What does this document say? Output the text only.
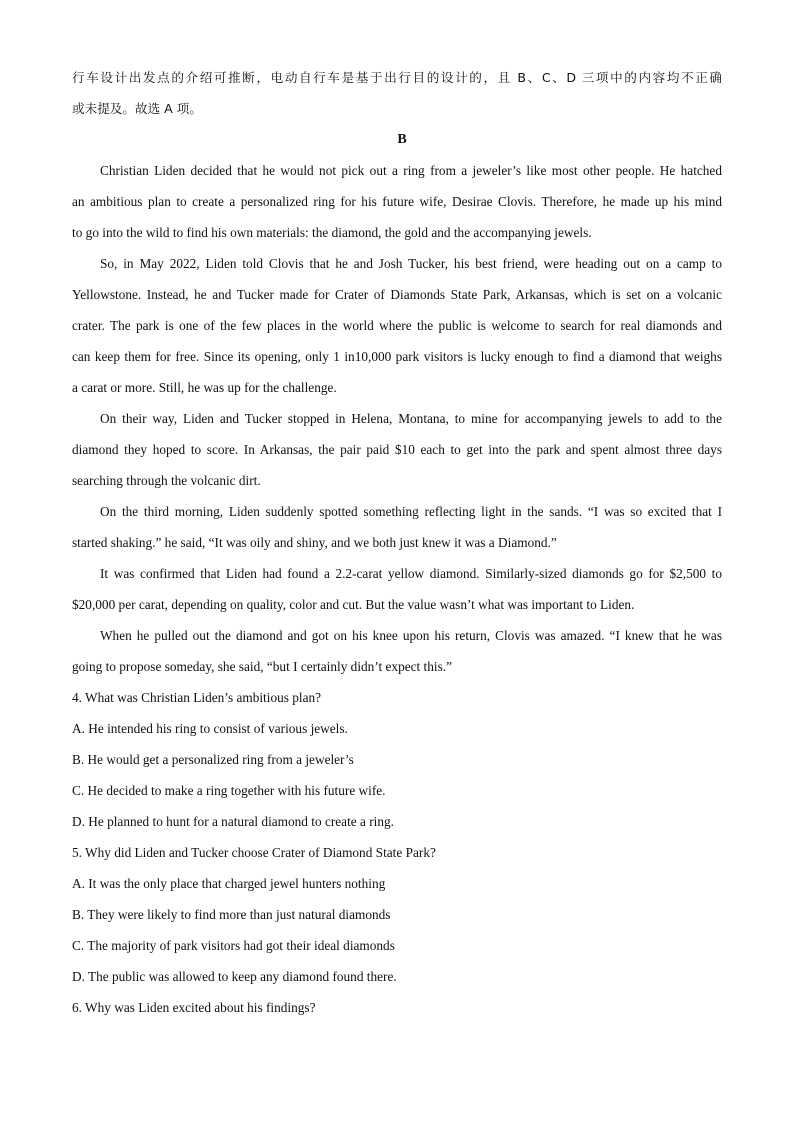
行车设计出发点的介绍可推断，电动自行车是基于出行目的设计的，且 B、C、D 三项中的内容均不正确
或未提及。故选 A 项。
B
Christian Liden decided that he would not pick out a ring from a jeweler’s like most other people. He hatched
an ambitious plan to create a personalized ring for his future wife, Desirae Clovis. Therefore, he made up his mind
to go into the wild to find his own materials: the diamond, the gold and the accompanying jewels.
So, in May 2022, Liden told Clovis that he and Josh Tucker, his best friend, were heading out on a camp to
Yellowstone. Instead, he and Tucker made for Crater of Diamonds State Park, Arkansas, which is set on a volcanic
crater. The park is one of the few places in the world where the public is welcome to search for real diamonds and
can keep them for free. Since its opening, only 1 in10,000 park visitors is lucky enough to find a diamond that weighs
a carat or more. Still, he was up for the challenge.
On their way, Liden and Tucker stopped in Helena, Montana, to mine for accompanying jewels to add to the
diamond they hoped to score. In Arkansas, the pair paid $10 each to get into the park and spent almost three days
searching through the volcanic dirt.
On the third morning, Liden suddenly spotted something reflecting light in the sands. “I was so excited that I
started shaking.” he said, “It was oily and shiny, and we both just knew it was a Diamond.”
It was confirmed that Liden had found a 2.2-carat yellow diamond. Similarly-sized diamonds go for $2,500 to
$20,000 per carat, depending on quality, color and cut. But the value wasn’t what was important to Liden.
When he pulled out the diamond and got on his knee upon his return, Clovis was amazed. “I knew that he was
going to propose someday, she said, “but I certainly didn’t expect this.”
4. What was Christian Liden’s ambitious plan?
A. He intended his ring to consist of various jewels.
B. He would get a personalized ring from a jeweler’s
C. He decided to make a ring together with his future wife.
D. He planned to hunt for a natural diamond to create a ring.
5. Why did Liden and Tucker choose Crater of Diamond State Park?
A. It was the only place that charged jewel hunters nothing
B. They were likely to find more than just natural diamonds
C. The majority of park visitors had got their ideal diamonds
D. The public was allowed to keep any diamond found there.
6. Why was Liden excited about his findings?
